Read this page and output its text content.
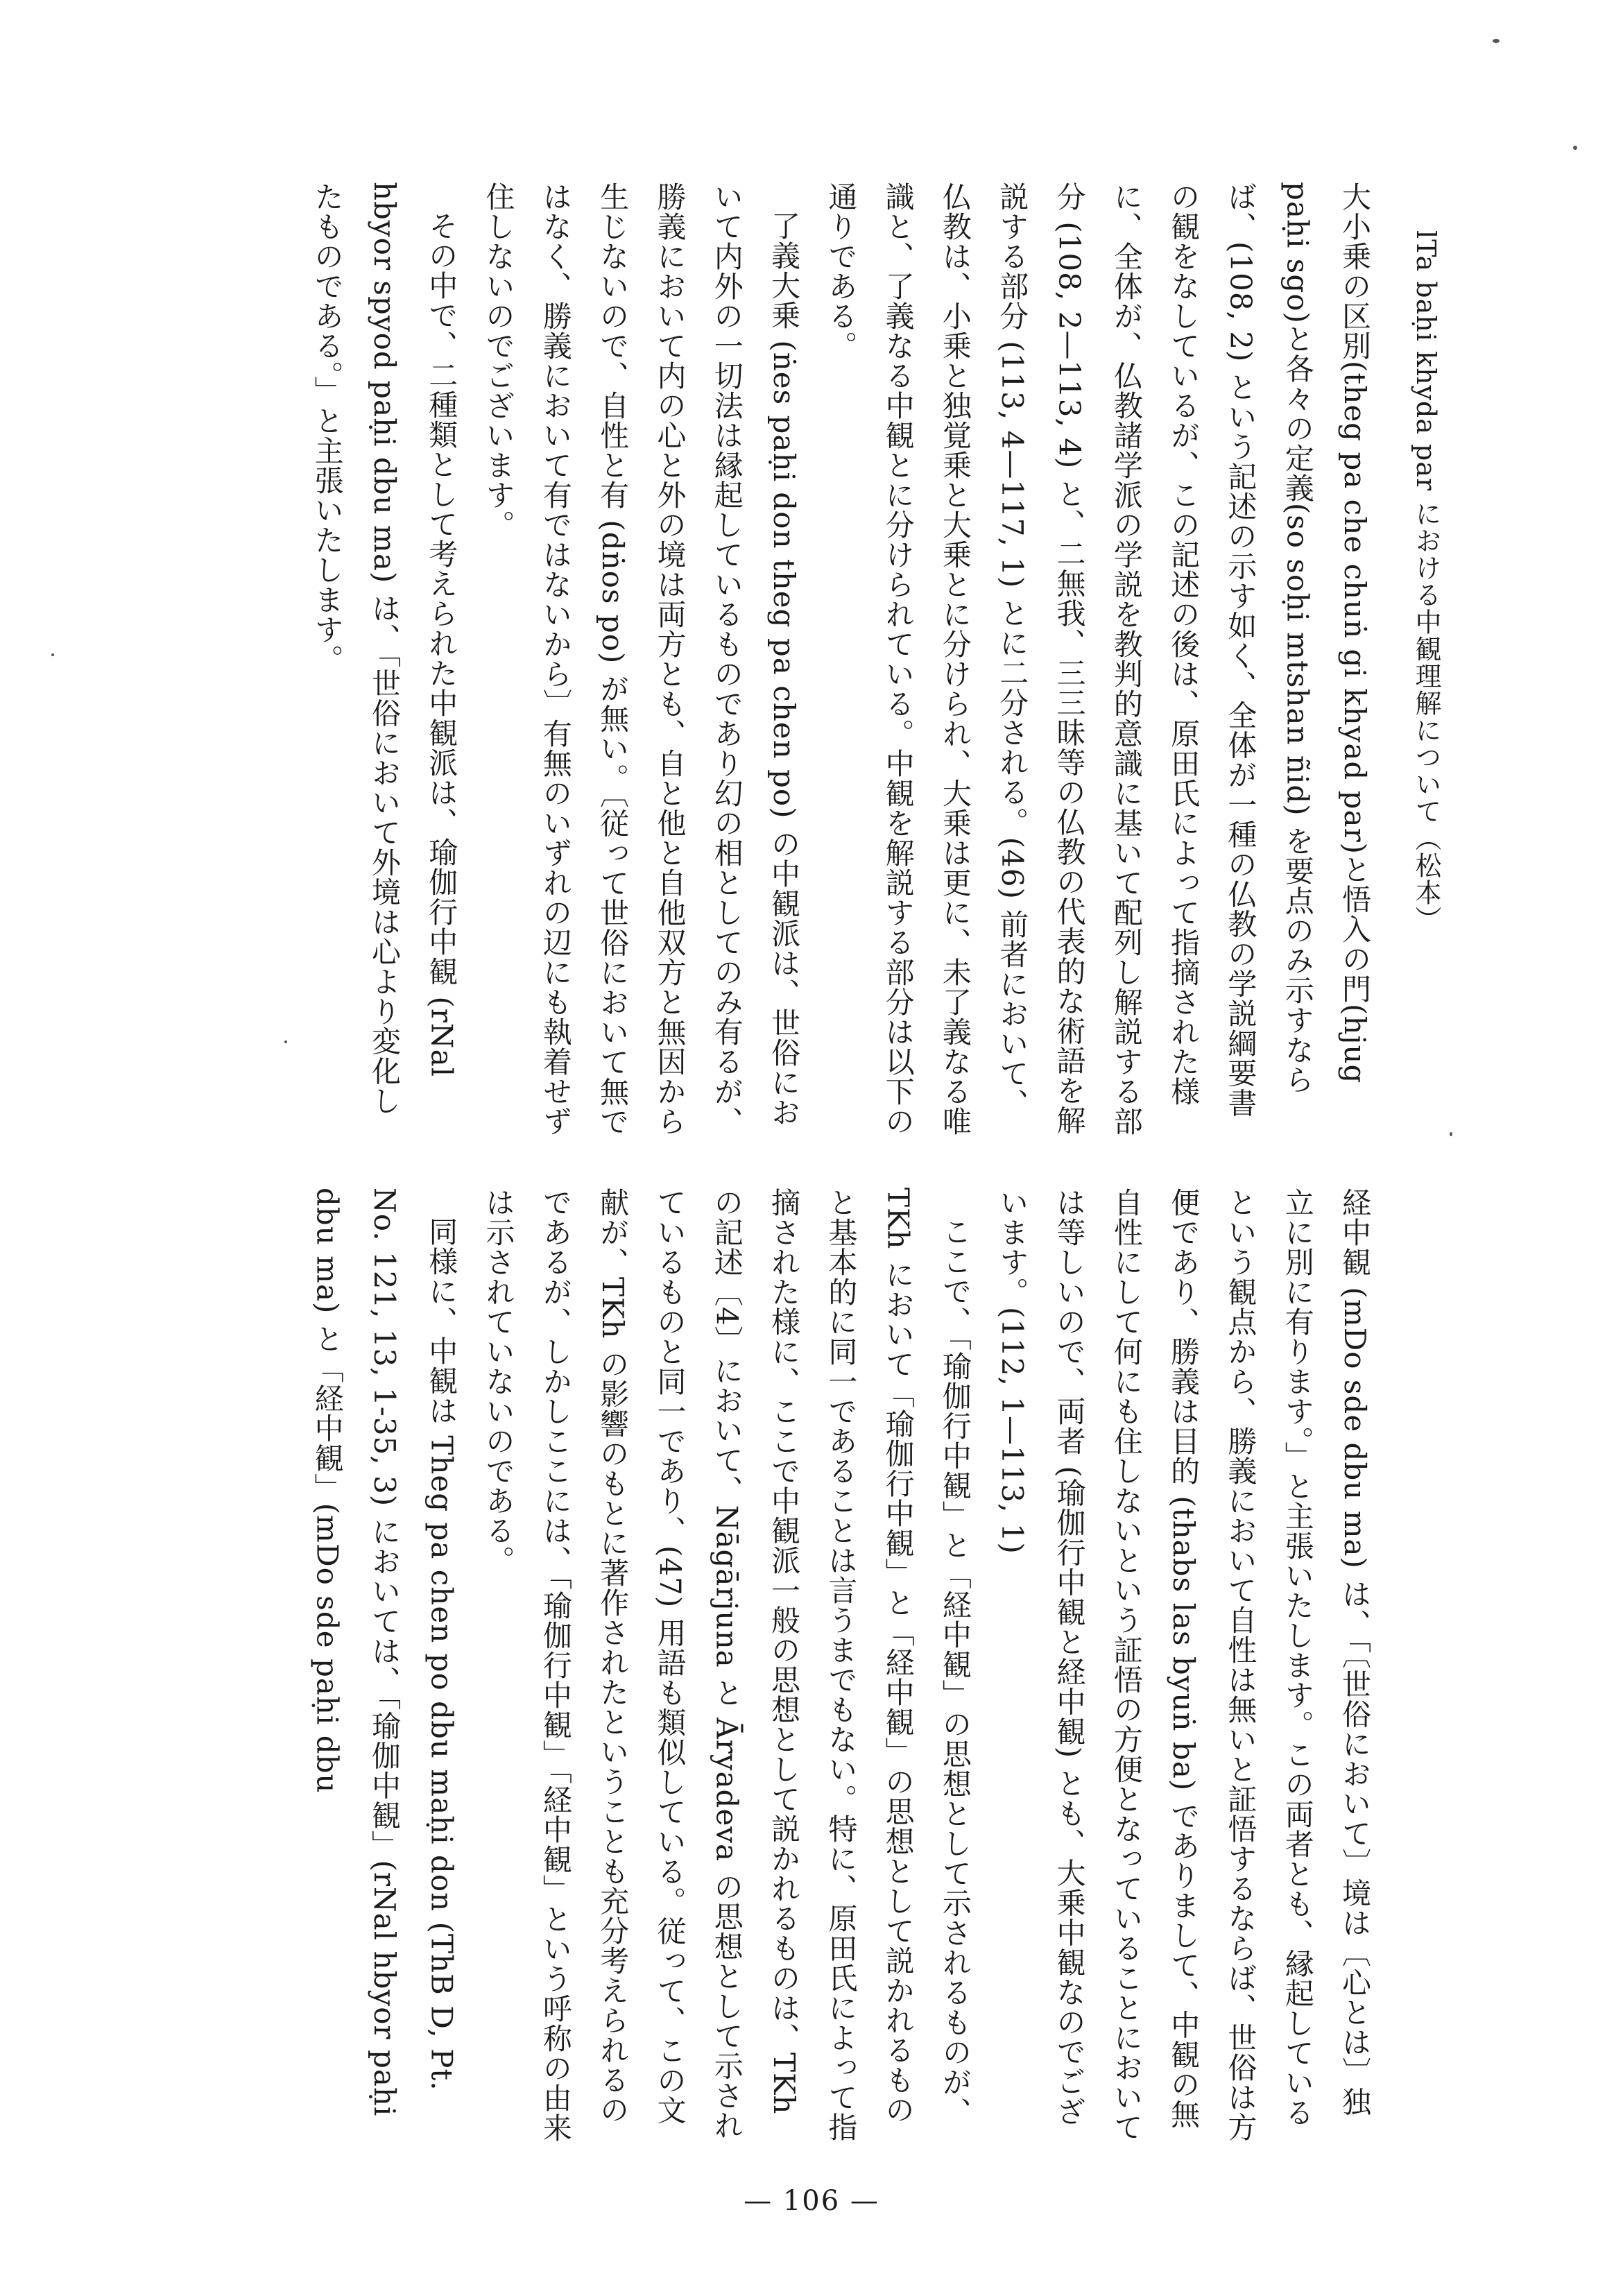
lTa baḥi khyda par における中観理解について（松本）

大小乗の区別(theg pa che chuṅ gi khyad par)と悟入の門(hjug paḥi sgo)と各々の定義(so soḥi mtshan ñid) を要点のみ示すならば、(108, 2) という記述の示す如く、全体が一種の仏教の学説綱要書の観をなしているが、この記述の後は、原田氏によって指摘された様に、全体が、仏教諸学派の学説を教判的意識に基いて配列し解説する部分 (108, 2—113, 4) と、二無我、三三昧等の仏教の代表的な術語を解説する部分 (113, 4—117, 1) とに二分される。(46) 前者において、仏教は、小乗と独覚乗と大乗とに分けられ、大乗は更に、未了義なる唯識と、了義なる中観とに分けられている。中観を解説する部分は以下の通りである。

了義大乗 (ṅes paḥi don theg pa chen po) の中観派は、世俗において内外の一切法は縁起しているものであり幻の相としてのみ有るが、勝義において内の心と外の境は両方とも、自と他と自他双方と無因から生じないので、自性と有 (dṅos po) が無い。〔従って世俗において無ではなく、勝義において有ではないから〕有無のいずれの辺にも執着せず住しないのでございます。

その中で、二種類として考えられた中観派は、瑜伽行中観 (rNal hbyor spyod paḥi dbu ma) は、「世俗において外境は心より変化したものである。」と主張いたします。

経中観 (mDo sde dbu ma) は、「〔世俗において〕境は〔心とは〕独立に別に有ります。」と主張いたします。この両者とも、縁起しているという観点から、勝義において自性は無いと証悟するならば、世俗は方便であり、勝義は目的 (thabs las byuṅ ba) でありまして、中観の無自性にして何にも住しないという証悟の方便となっていることにおいては等しいので、両者 (瑜伽行中観と経中観) とも、大乗中観なのでございます。(112, 1—113, 1)

ここで、「瑜伽行中観」と「経中観」の思想として示されるものが、TKh において「瑜伽行中観」と「経中観」の思想として説かれるものと基本的に同一であることは言うまでもない。特に、原田氏によって指摘された様に、ここで中観派一般の思想として説かれるものは、TKh の記述〔4〕において、Nāgārjuna と Āryadeva の思想として示されているものと同一であり、(47) 用語も類似している。従って、この文献が、TKh の影響のもとに著作されたということも充分考えられるのであるが、しかしここには、「瑜伽行中観」「経中観」という呼称の由来は示されていないのである。

同様に、中観は Theg pa chen po dbu maḥi don (ThB D, Pt. No. 121, 13, 1-35, 3) においては、「瑜伽中観」(rNal hbyor paḥi dbu ma) と「経中観」(mDo sde paḥi dbu

— 106 —
